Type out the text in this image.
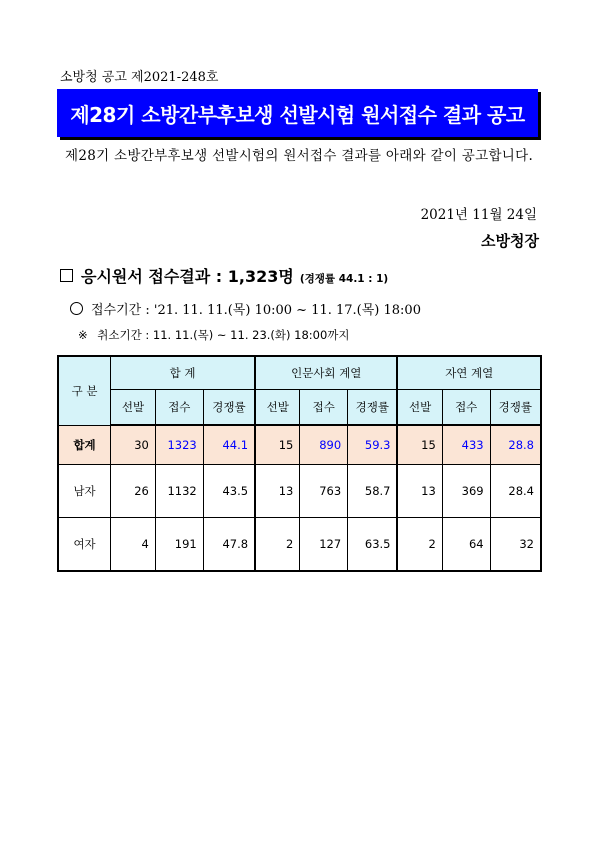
소방청 공고 제2021-248호
제28기 소방간부후보생 선발시험 원서접수 결과 공고
제28기 소방간부후보생 선발시험의 원서접수 결과를 아래와 같이 공고합니다.
2021년 11월 24일
소방청장
응시원서 접수결과 : 1,323명 (경쟁률 44.1 : 1)
접수기간 : '21. 11. 11.(목) 10:00 ~ 11. 17.(목) 18:00
※ 취소기간 : 11. 11.(목) ~ 11. 23.(화) 18:00까지
구 분	합 계			인문사회 계열			자연 계열		
	선발	접수	경쟁률	선발	접수	경쟁률	선발	접수	경쟁률
합계	30	1323	44.1	15	890	59.3	15	433	28.8
남자	26	1132	43.5	13	763	58.7	13	369	28.4
여자	4	191	47.8	2	127	63.5	2	64	32
